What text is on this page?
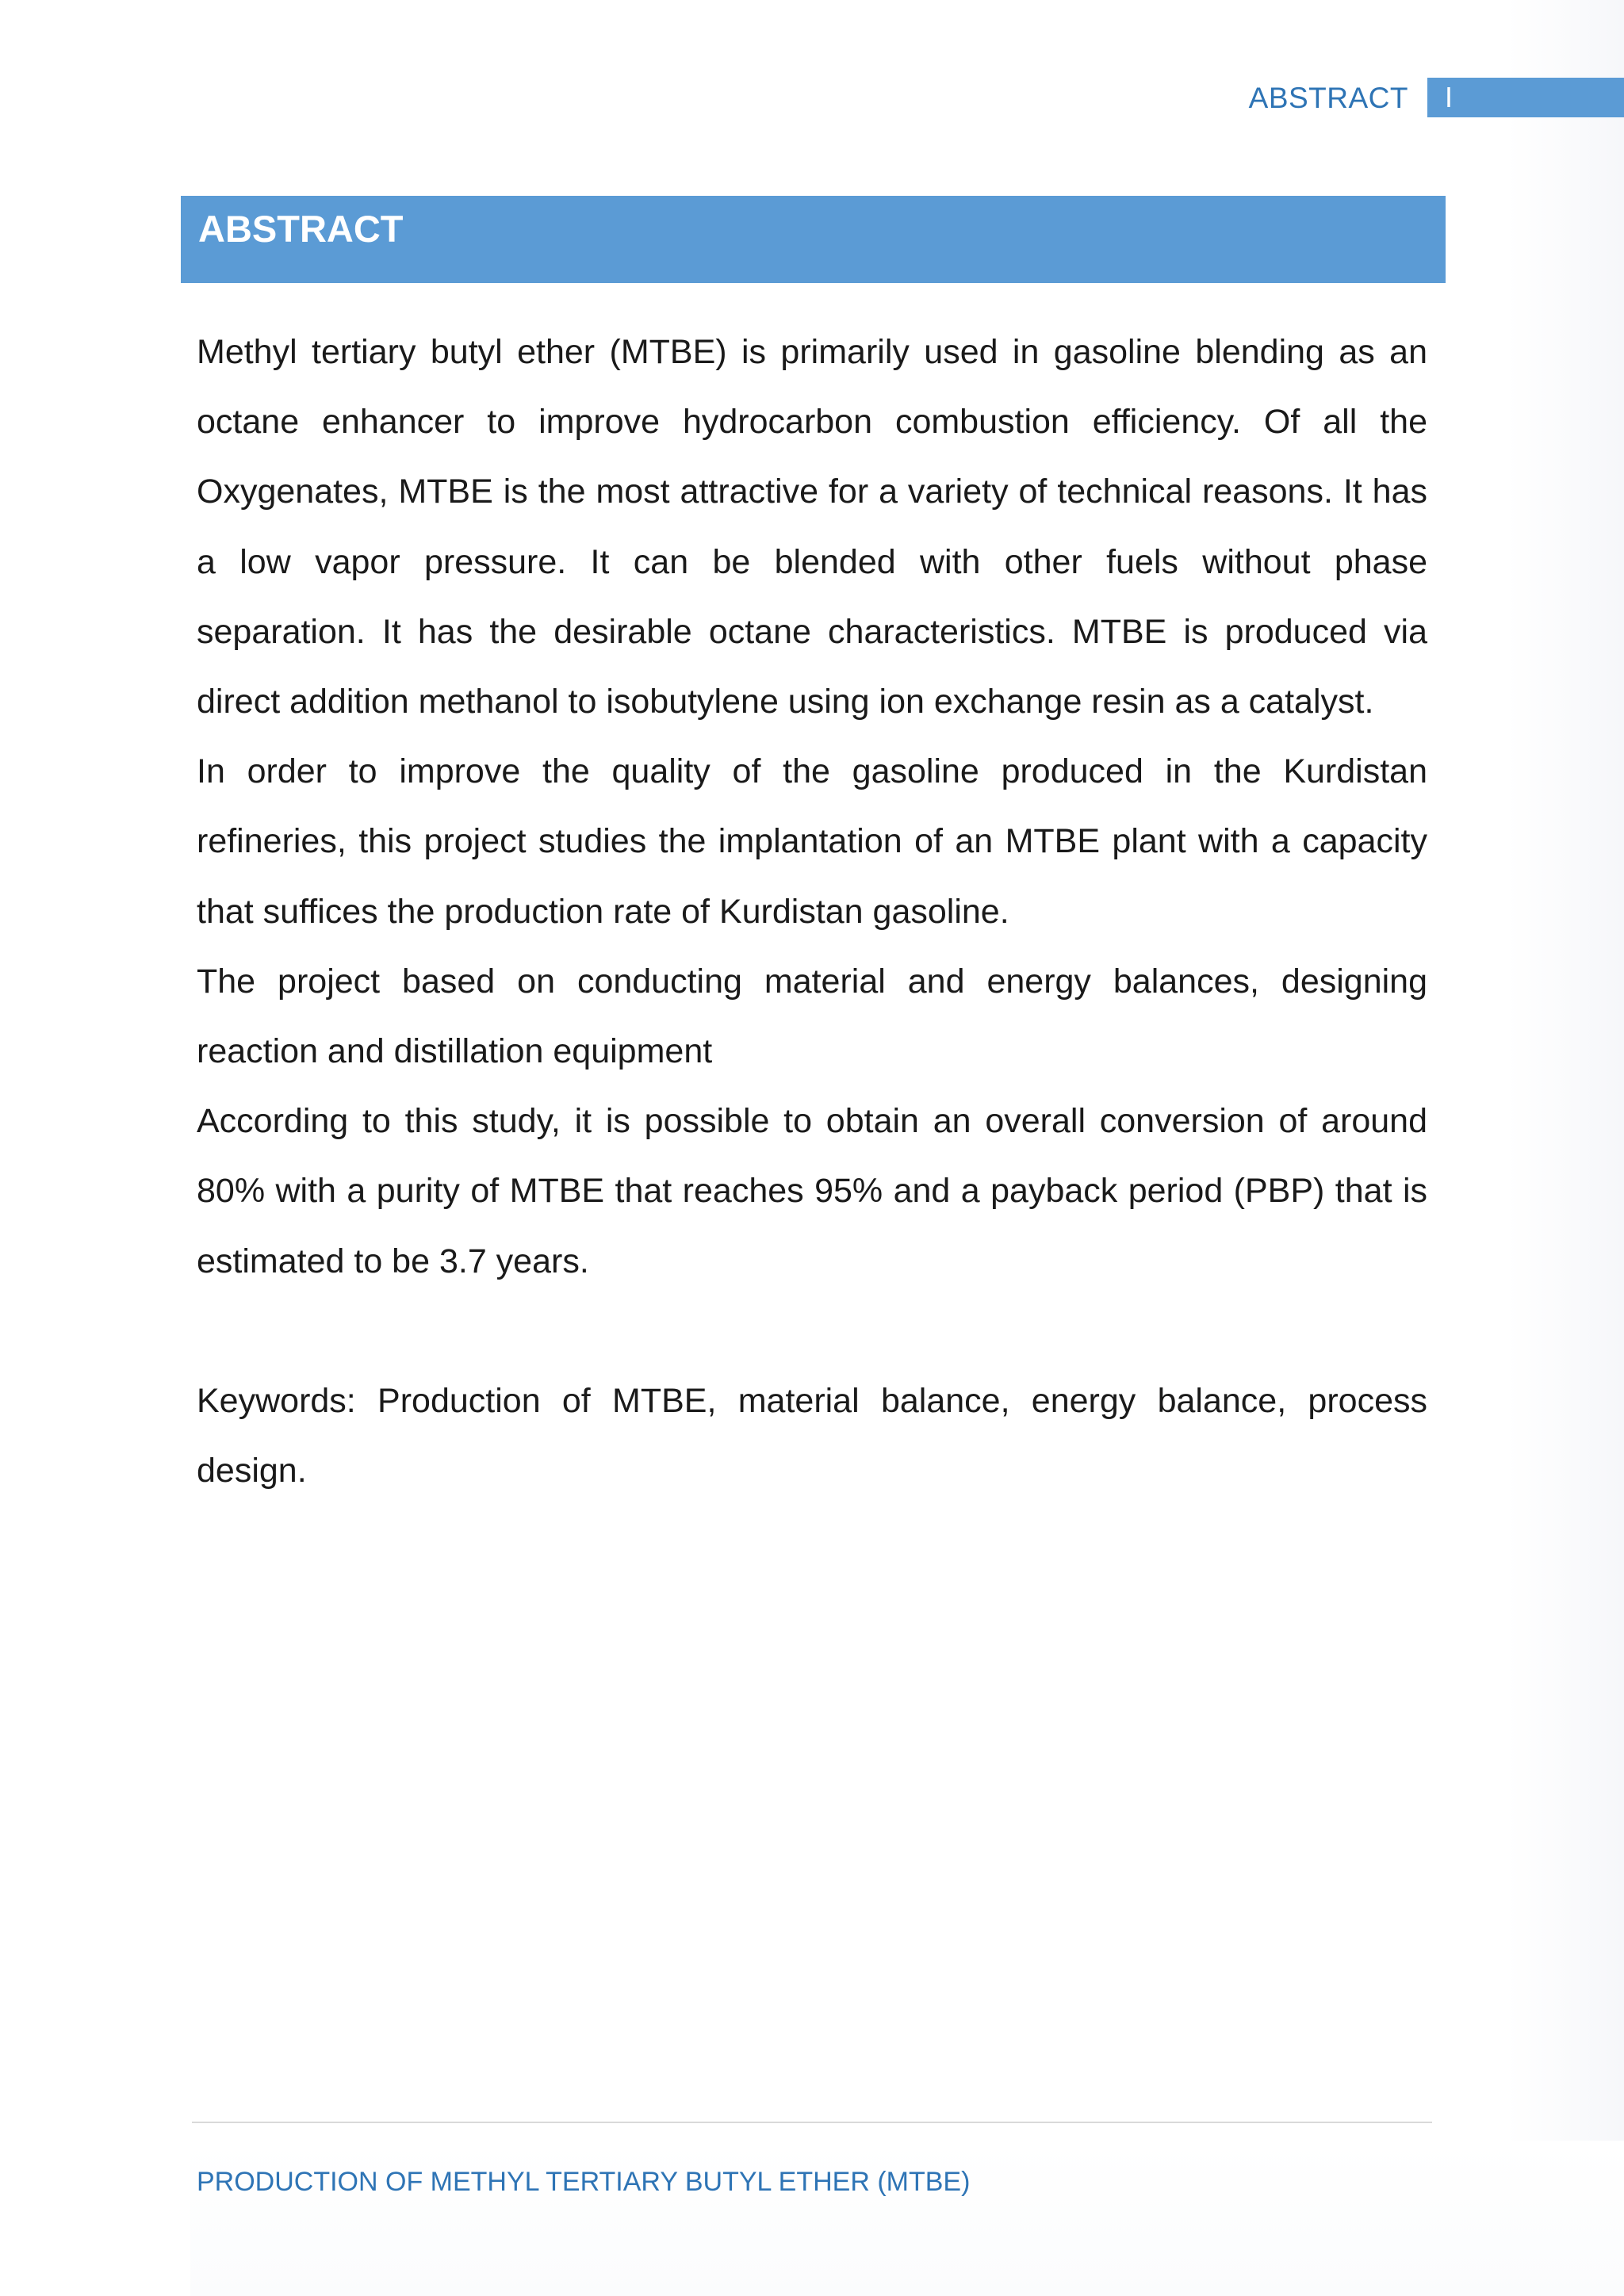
ABSTRACT I
ABSTRACT

Methyl tertiary butyl ether (MTBE) is primarily used in gasoline blending as an octane enhancer to improve hydrocarbon combustion efficiency. Of all the Oxygenates, MTBE is the most attractive for a variety of technical reasons. It has a low vapor pressure. It can be blended with other fuels without phase separation. It has the desirable octane characteristics. MTBE is produced via direct addition methanol to isobutylene using ion exchange resin as a catalyst.

In order to improve the quality of the gasoline produced in the Kurdistan refineries, this project studies the implantation of an MTBE plant with a capacity that suffices the production rate of Kurdistan gasoline.

The project based on conducting material and energy balances, designing reaction and distillation equipment

According to this study, it is possible to obtain an overall conversion of around 80% with a purity of MTBE that reaches 95% and a payback period (PBP) that is estimated to be 3.7 years.

Keywords: Production of MTBE, material balance, energy balance, process design.

PRODUCTION OF METHYL TERTIARY BUTYL ETHER (MTBE)
